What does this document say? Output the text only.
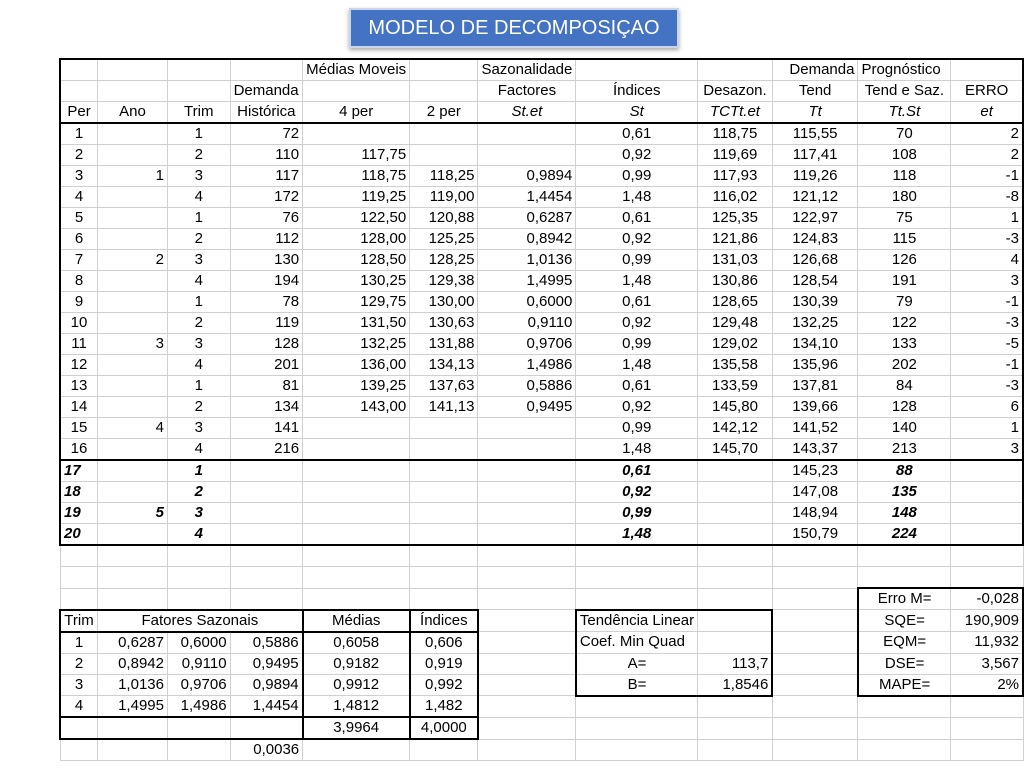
MODELO DE DECOMPOSIÇAO
				Médias Moveis		Sazonalidade			Demanda	Prognóstico	
			Demanda			Factores	Índices	Desazon.	Tend	Tend e Saz.	ERRO
Per	Ano	Trim	Histórica	4 per	2 per	St.et	St	TCTt.et	Tt	Tt.St	et
1		1	72				0,61	118,75	115,55	70	2
2		2	110	117,75			0,92	119,69	117,41	108	2
3	1	3	117	118,75	118,25	0,9894	0,99	117,93	119,26	118	-1
4		4	172	119,25	119,00	1,4454	1,48	116,02	121,12	180	-8
5		1	76	122,50	120,88	0,6287	0,61	125,35	122,97	75	1
6		2	112	128,00	125,25	0,8942	0,92	121,86	124,83	115	-3
7	2	3	130	128,50	128,25	1,0136	0,99	131,03	126,68	126	4
8		4	194	130,25	129,38	1,4995	1,48	130,86	128,54	191	3
9		1	78	129,75	130,00	0,6000	0,61	128,65	130,39	79	-1
10		2	119	131,50	130,63	0,9110	0,92	129,48	132,25	122	-3
11	3	3	128	132,25	131,88	0,9706	0,99	129,02	134,10	133	-5
12		4	201	136,00	134,13	1,4986	1,48	135,58	135,96	202	-1
13		1	81	139,25	137,63	0,5886	0,61	133,59	137,81	84	-3
14		2	134	143,00	141,13	0,9495	0,92	145,80	139,66	128	6
15	4	3	141				0,99	142,12	141,52	140	1
16		4	216				1,48	145,70	143,37	213	3
17		1					0,61		145,23	88	
18		2					0,92		147,08	135	
19	5	3					0,99		148,94	148	
20		4					1,48		150,79	224	

										Erro M=	-0,028
Trim	Fatores Sazonais			Médias	Índices		Tendência Linear			SQE=	190,909
1	0,6287	0,6000	0,5886	0,6058	0,606		Coef. Min Quad			EQM=	11,932
2	0,8942	0,9110	0,9495	0,9182	0,919		A=	113,7		DSE=	3,567
3	1,0136	0,9706	0,9894	0,9912	0,992		B=	1,8546		MAPE=	2%
4	1,4995	1,4986	1,4454	1,4812	1,482						
				3,9964	4,0000						
			0,0036								
